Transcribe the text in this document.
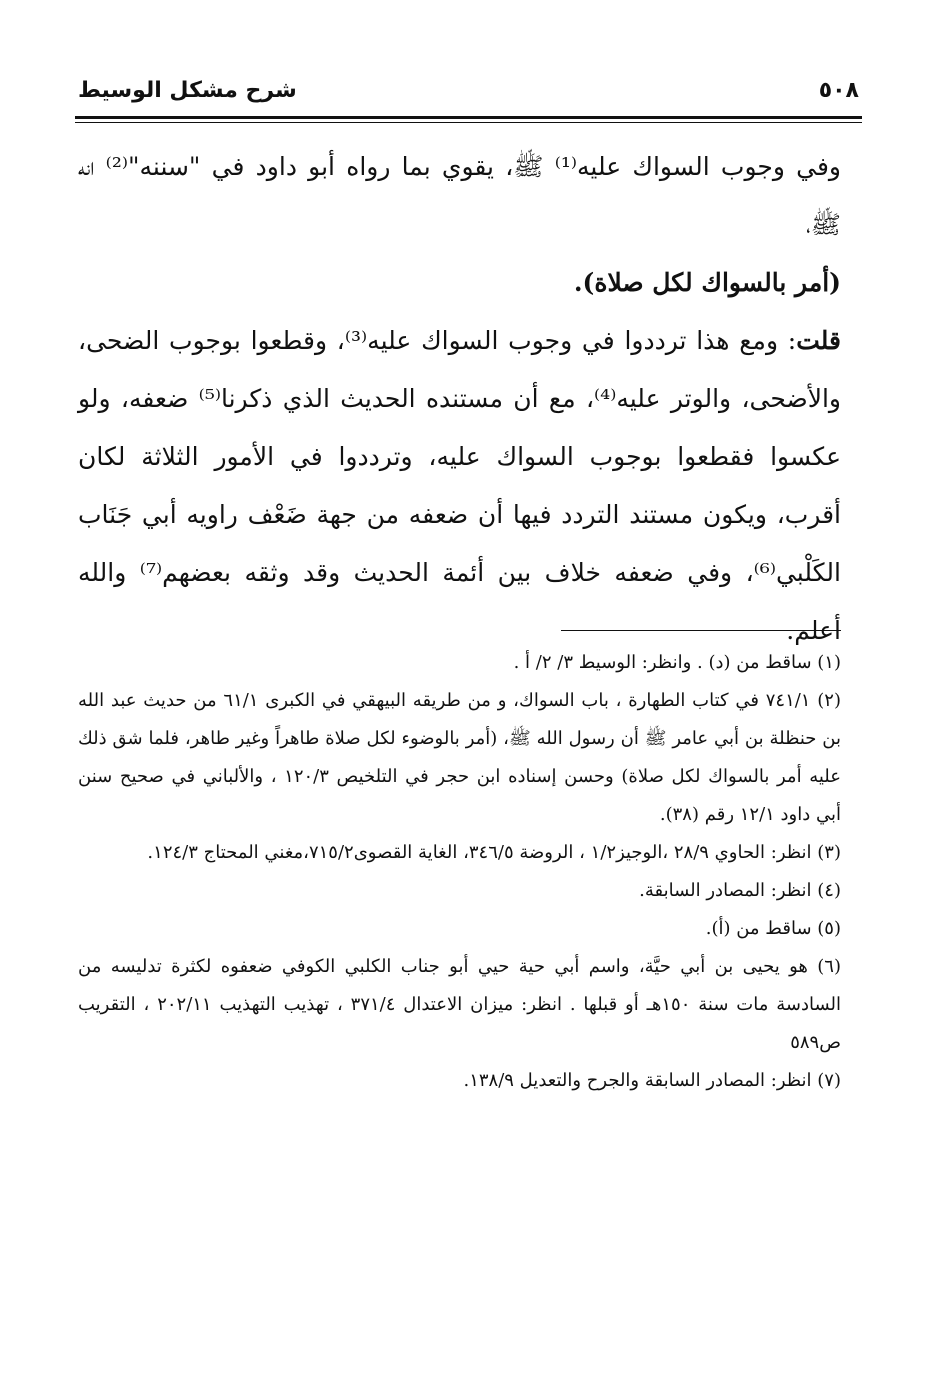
شرح مشكل الوسيط	٥٠٨

وفي وجوب السواك عليه⁽¹⁾ ﷺ، يقوي بما رواه أبو داود في "سننه"⁽²⁾ انه ﷺ،

(أمر بالسواك لكل صلاة).

قلت: ومع هذا ترددوا في وجوب السواك عليه⁽³⁾، وقطعوا بوجوب الضحى، والأضحى، والوتر عليه⁽⁴⁾، مع أن مستنده الحديث الذي ذكرنا⁽⁵⁾ ضعفه، ولو عكسوا فقطعوا بوجوب السواك عليه، وترددوا في الأمور الثلاثة لكان أقرب، ويكون مستند التردد فيها أن ضعفه من جهة ضَعْف راويه أبي جَنَاب الكَلْبي⁽⁶⁾، وفي ضعفه خلاف بين أئمة الحديث وقد وثقه بعضهم⁽⁷⁾ والله أعلم.

(١) ساقط من (د) . وانظر: الوسيط ٣/ ٢/ أ .

(٢) ٧٤١/١ في كتاب الطهارة ، باب السواك، و من طريقه البيهقي في الكبرى ٦١/١ من حديث عبد الله بن حنظلة بن أبي عامر ﷺ أن رسول الله ﷺ، (أمر بالوضوء لكل صلاة طاهراً وغير طاهر، فلما شق ذلك عليه أمر بالسواك لكل صلاة) وحسن إسناده ابن حجر في التلخيص ١٢٠/٣ ، والألباني في صحيح سنن أبي داود ١٢/١ رقم (٣٨).

(٣) انظر: الحاوي ٢٨/٩ ،الوجيز١/٢ ، الروضة ٣٤٦/٥، الغاية القصوى٧١٥/٢،مغني المحتاج ١٢٤/٣.

(٤) انظر: المصادر السابقة.

(٥) ساقط من (أ).

(٦) هو يحيى بن أبي حيَّة، واسم أبي حية حيي أبو جناب الكلبي الكوفي ضعفوه لكثرة تدليسه من السادسة مات سنة ١٥٠هـ أو قبلها . انظر: ميزان الاعتدال ٣٧١/٤ ، تهذيب التهذيب ٢٠٢/١١ ، التقريب ص٥٨٩

(٧) انظر: المصادر السابقة والجرح والتعديل ١٣٨/٩.
